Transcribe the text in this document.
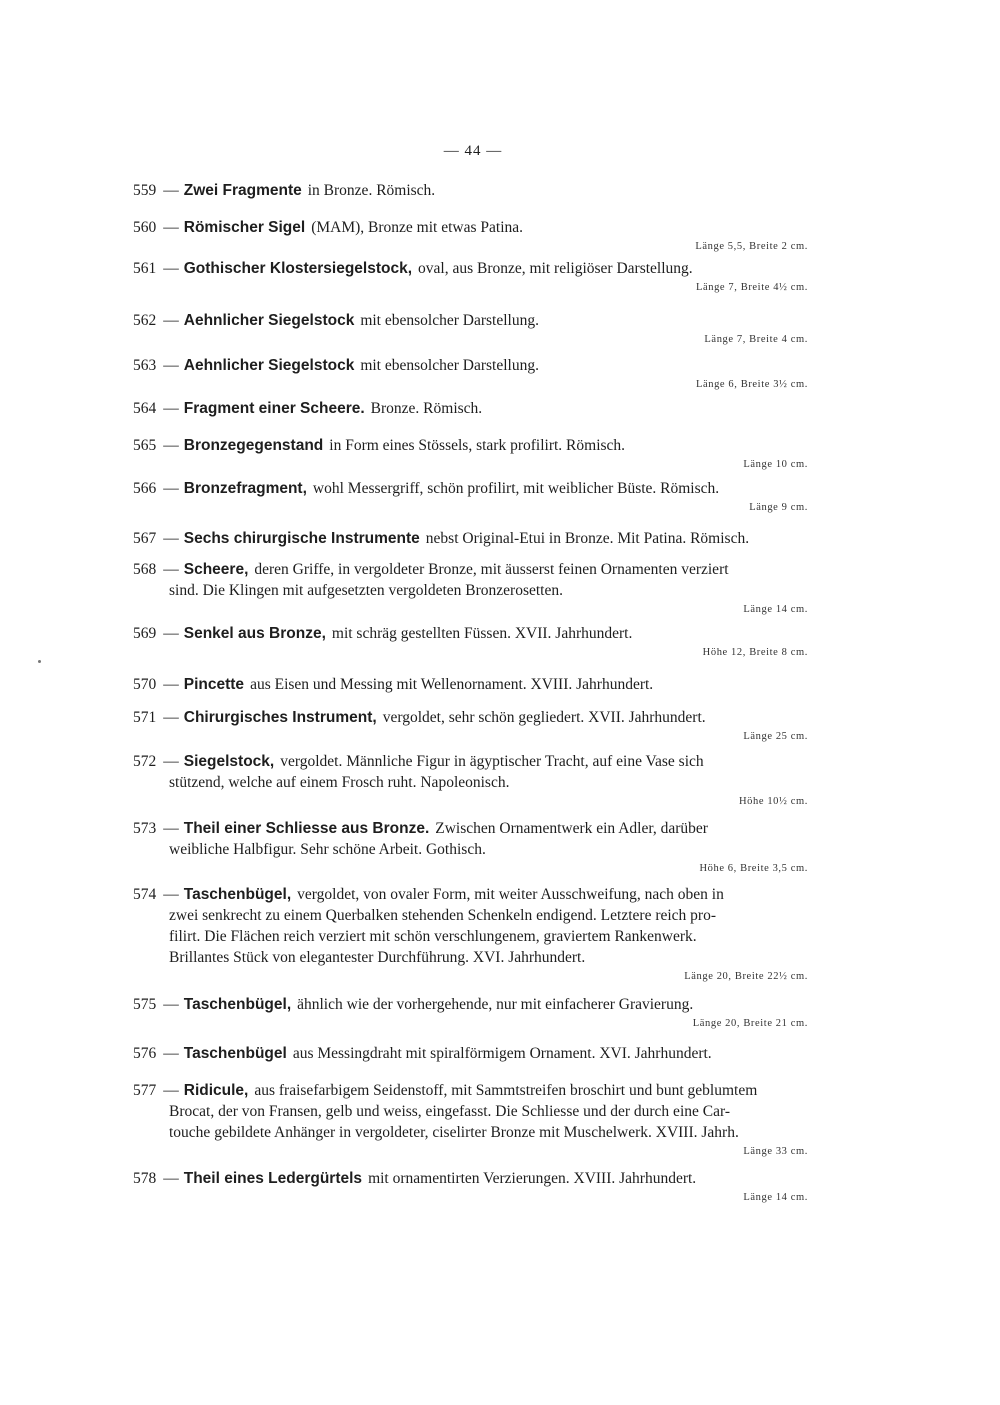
— 44 —
559 — Zwei Fragmente in Bronze. Römisch.
560 — Römischer Sigel (MAM), Bronze mit etwas Patina.
Länge 5,5, Breite 2 cm.
561 — Gothischer Klostersiegelstock, oval, aus Bronze, mit religiöser Darstellung.
Länge 7, Breite 4½ cm.
562 — Aehnlicher Siegelstock mit ebensolcher Darstellung.
Länge 7, Breite 4 cm.
563 — Aehnlicher Siegelstock mit ebensolcher Darstellung.
Länge 6, Breite 3½ cm.
564 — Fragment einer Scheere. Bronze. Römisch.
565 — Bronzegegenstand in Form eines Stössels, stark profilirt. Römisch.
Länge 10 cm.
566 — Bronzefragment, wohl Messergriff, schön profilirt, mit weiblicher Büste. Römisch.
Länge 9 cm.
567 — Sechs chirurgische Instrumente nebst Original-Etui in Bronze. Mit Patina. Römisch.
568 — Scheere, deren Griffe, in vergoldeter Bronze, mit äusserst feinen Ornamenten verziert
sind. Die Klingen mit aufgesetzten vergoldeten Bronzerosetten.
Länge 14 cm.
569 — Senkel aus Bronze, mit schräg gestellten Füssen. XVII. Jahrhundert.
Höhe 12, Breite 8 cm.
570 — Pincette aus Eisen und Messing mit Wellenornament. XVIII. Jahrhundert.
571 — Chirurgisches Instrument, vergoldet, sehr schön gegliedert. XVII. Jahrhundert.
Länge 25 cm.
572 — Siegelstock, vergoldet. Männliche Figur in ägyptischer Tracht, auf eine Vase sich
stützend, welche auf einem Frosch ruht. Napoleonisch.
Höhe 10½ cm.
573 — Theil einer Schliesse aus Bronze. Zwischen Ornamentwerk ein Adler, darüber
weibliche Halbfigur. Sehr schöne Arbeit. Gothisch.
Höhe 6, Breite 3,5 cm.
574 — Taschenbügel, vergoldet, von ovaler Form, mit weiter Ausschweifung, nach oben in
zwei senkrecht zu einem Querbalken stehenden Schenkeln endigend. Letztere reich pro-
filirt. Die Flächen reich verziert mit schön verschlungenem, graviertem Rankenwerk.
Brillantes Stück von elegantester Durchführung. XVI. Jahrhundert.
Länge 20, Breite 22½ cm.
575 — Taschenbügel, ähnlich wie der vorhergehende, nur mit einfacherer Gravierung.
Länge 20, Breite 21 cm.
576 — Taschenbügel aus Messingdraht mit spiralförmigem Ornament. XVI. Jahrhundert.
577 — Ridicule, aus fraisefarbigem Seidenstoff, mit Sammtstreifen broschirt und bunt geblumtem
Brocat, der von Fransen, gelb und weiss, eingefasst. Die Schliesse und der durch eine Car-
touche gebildete Anhänger in vergoldeter, ciselirter Bronze mit Muschelwerk. XVIII. Jahrh.
Länge 33 cm.
578 — Theil eines Ledergürtels mit ornamentirten Verzierungen. XVIII. Jahrhundert.
Länge 14 cm.
